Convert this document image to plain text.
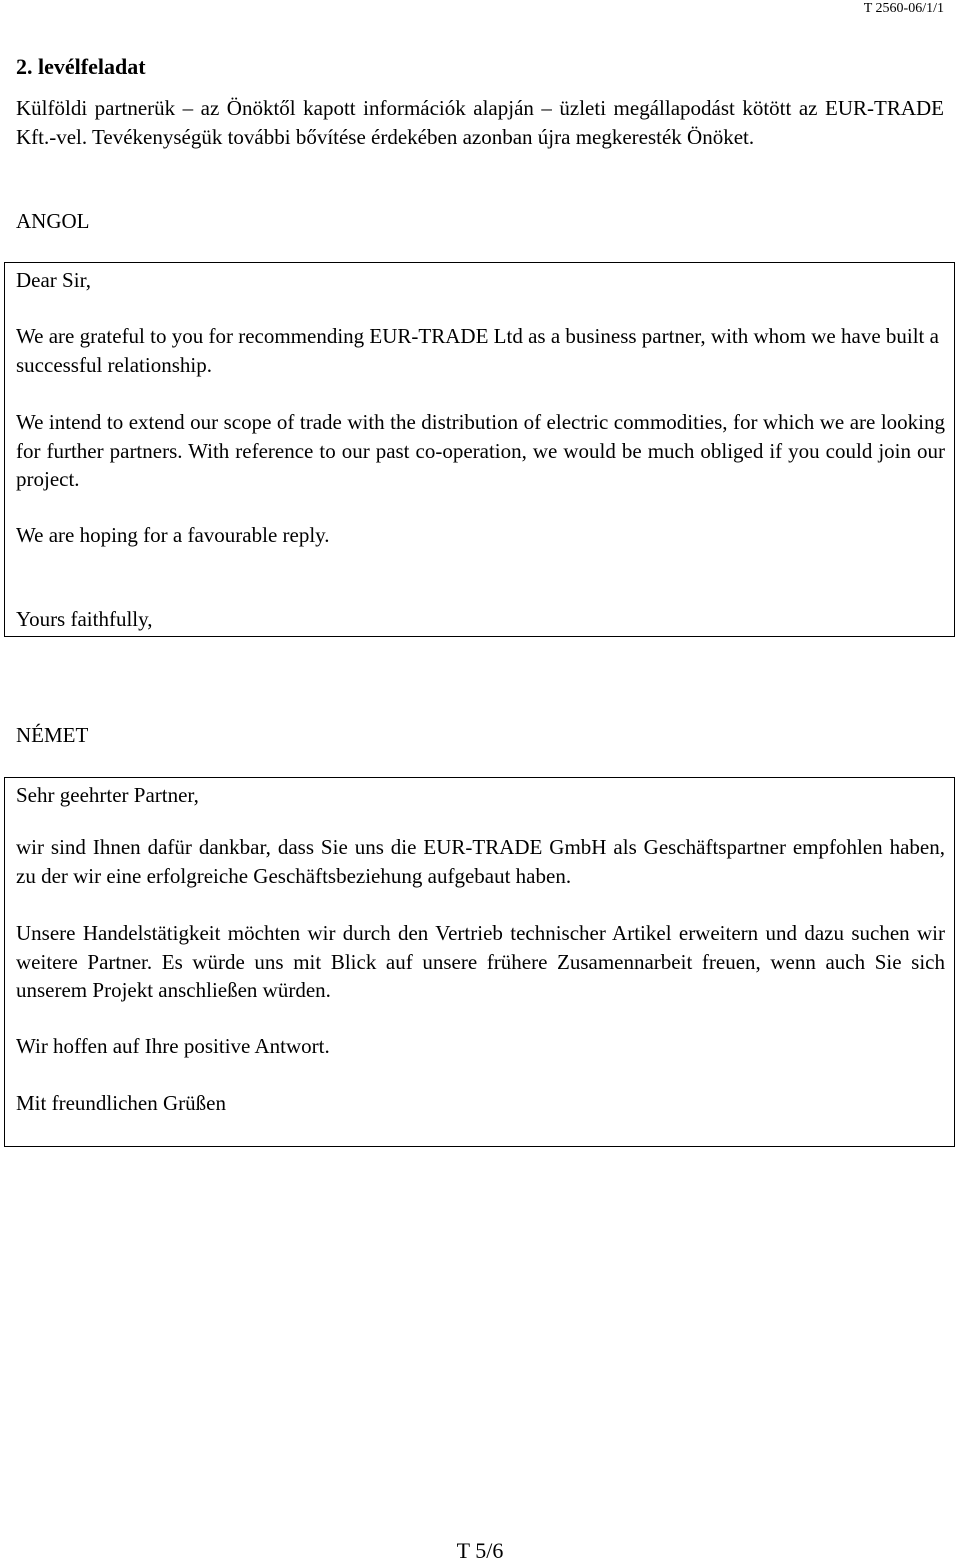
T 2560-06/1/1
2. levélfeladat

Külföldi partnerük – az Önöktől kapott információk alapján – üzleti megállapodást kötött az EUR-TRADE Kft.-vel. Tevékenységük további bővítése érdekében azonban újra megkeresték Önöket.

ANGOL

Dear Sir,

We are grateful to you for recommending EUR-TRADE Ltd as a business partner, with whom we have built a successful relationship.

We intend to extend our scope of trade with the distribution of electric commodities, for which we are looking for further partners. With reference to our past co-operation, we would be much obliged if you could join our project.

We are hoping for a favourable reply.

Yours faithfully,

NÉMET

Sehr geehrter Partner,

wir sind Ihnen dafür dankbar, dass Sie uns die EUR-TRADE GmbH als Geschäftspartner empfohlen haben, zu der wir eine erfolgreiche Geschäftsbeziehung aufgebaut haben.

Unsere Handelstätigkeit möchten wir durch den Vertrieb technischer Artikel erweitern und dazu suchen wir weitere Partner. Es würde uns mit Blick auf unsere frühere Zusamennarbeit freuen, wenn auch Sie sich unserem Projekt anschließen würden.

Wir hoffen auf Ihre positive Antwort.

Mit freundlichen Grüßen

T 5/6
